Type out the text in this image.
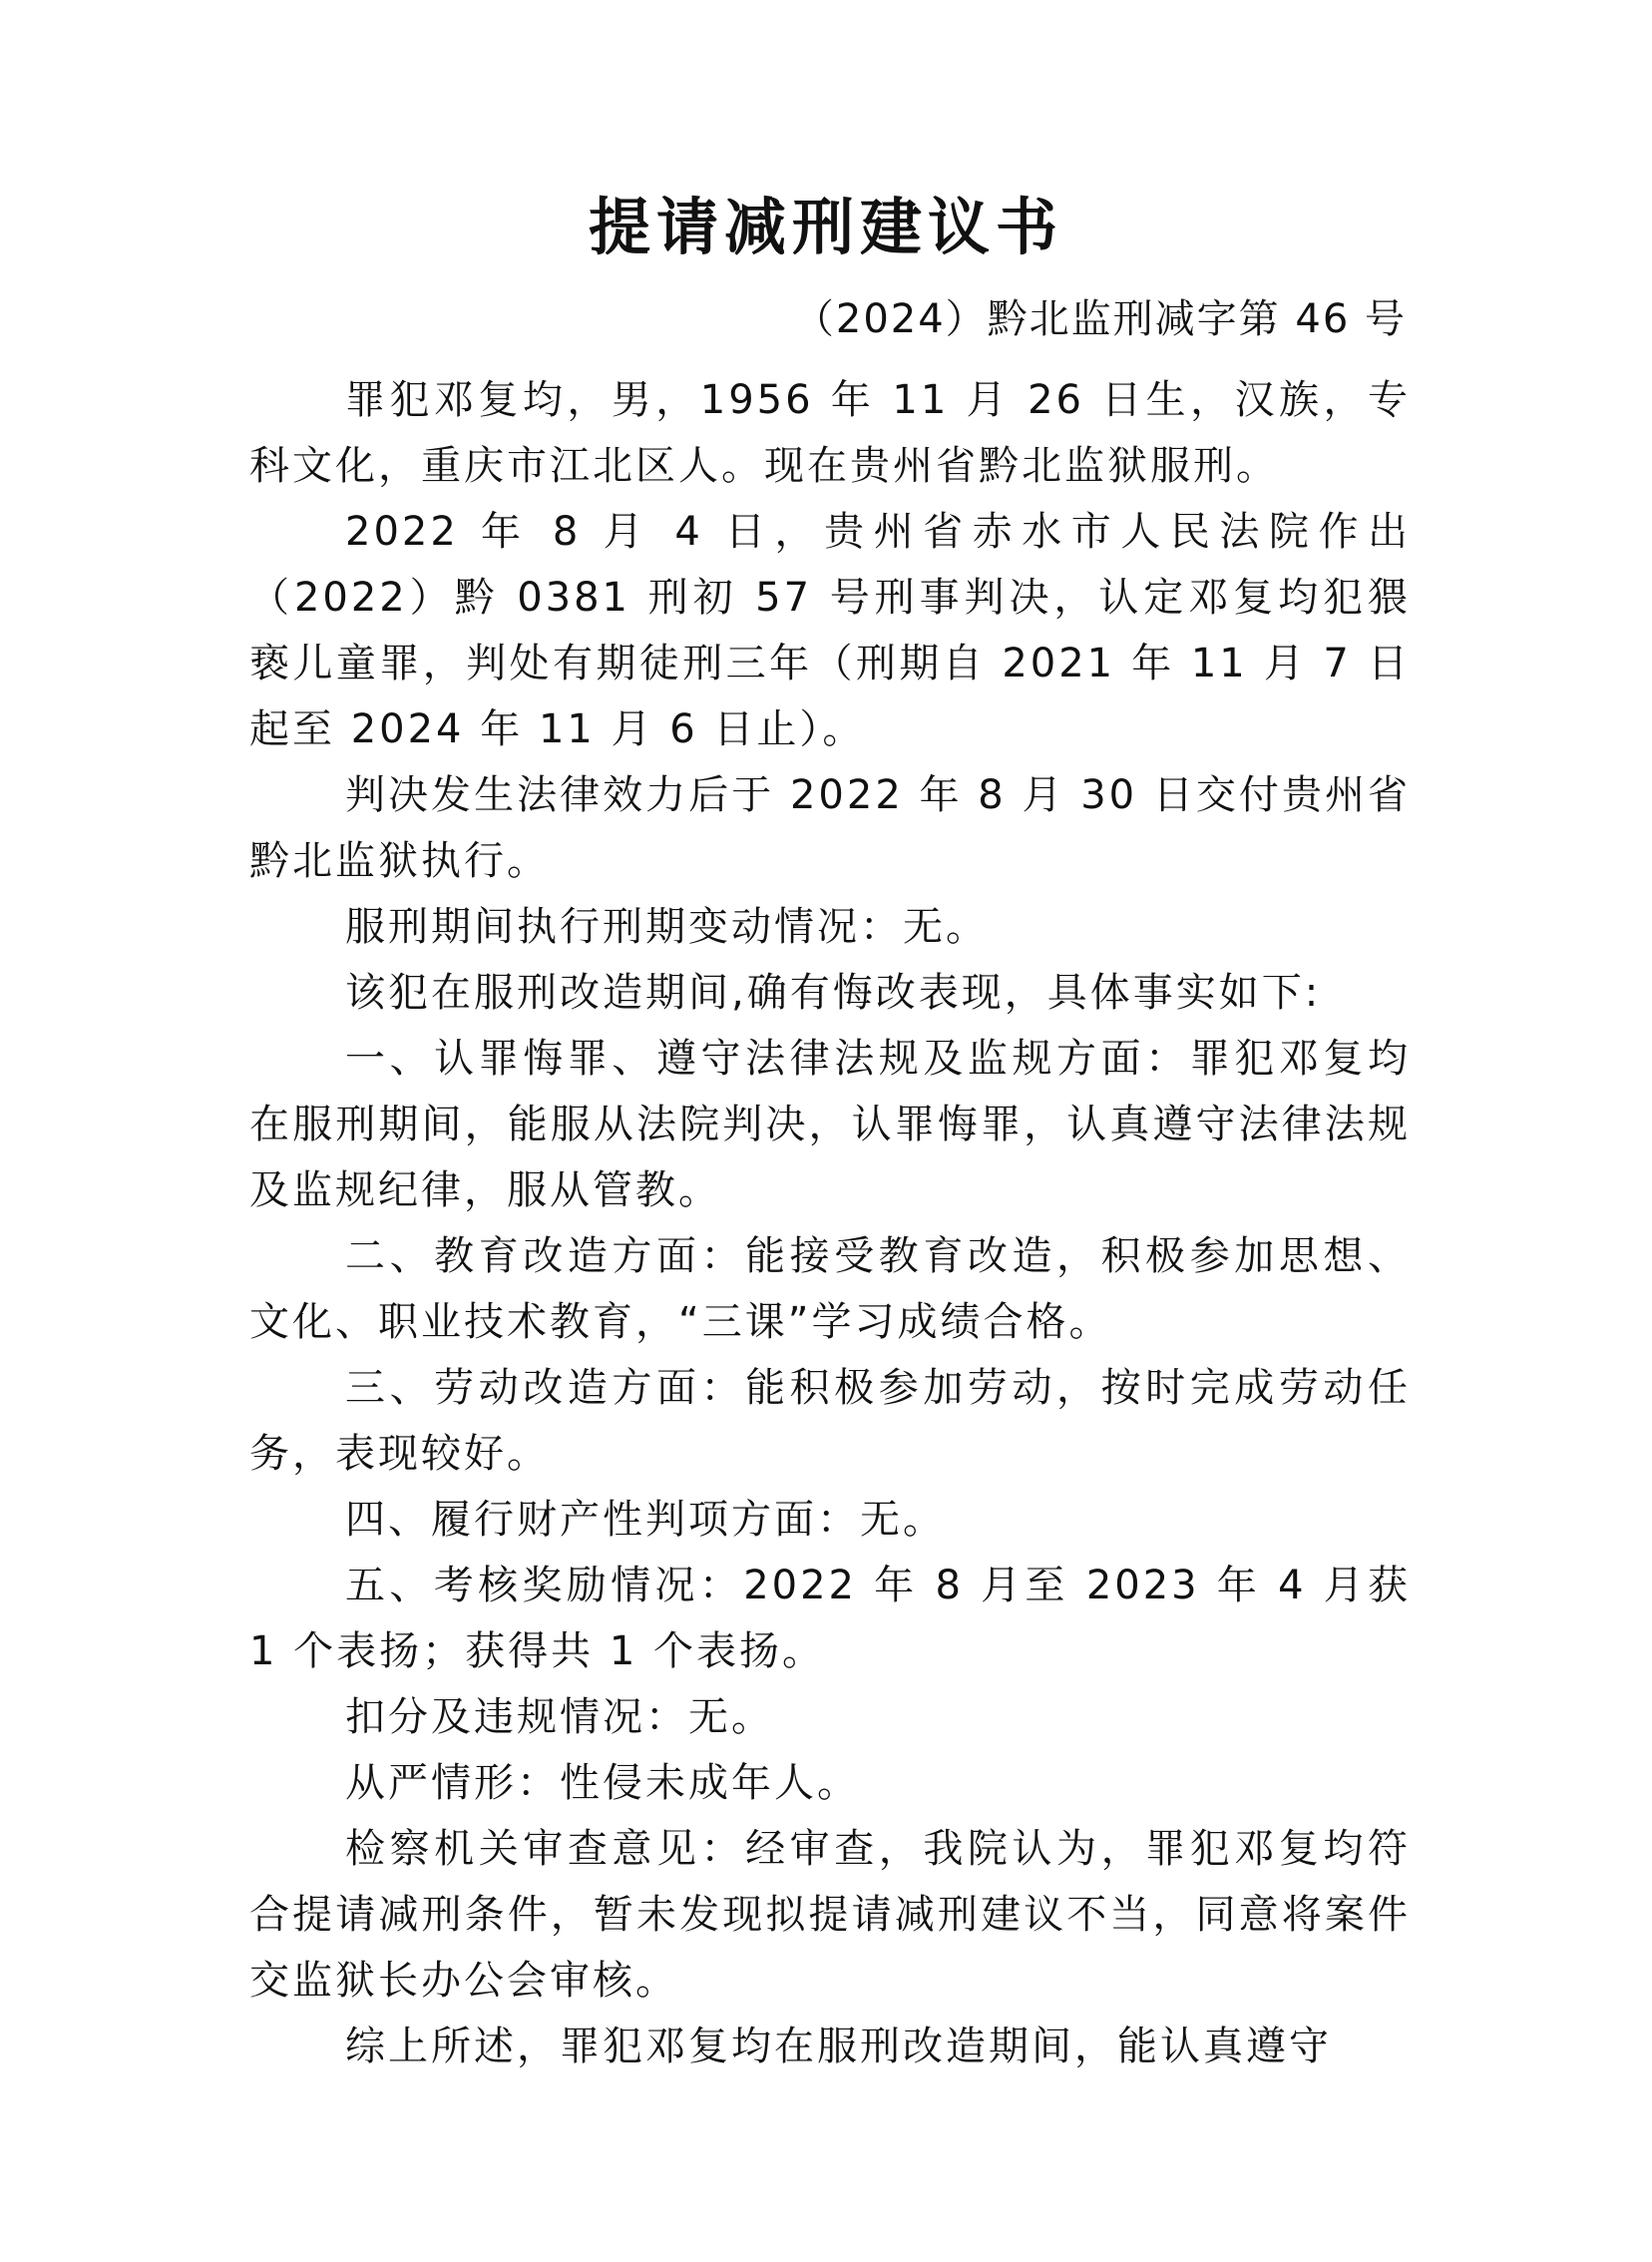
提请减刑建议书

（2024）黔北监刑减字第 46 号

罪犯邓复均，男，1956 年 11 月 26 日生，汉族，专科文化，重庆市江北区人。现在贵州省黔北监狱服刑。

2022 年 8 月 4 日，贵州省赤水市人民法院作出（2022）黔 0381 刑初 57 号刑事判决，认定邓复均犯猥亵儿童罪，判处有期徒刑三年（刑期自 2021 年 11 月 7 日起至 2024 年 11 月 6 日止）。

判决发生法律效力后于 2022 年 8 月 30 日交付贵州省黔北监狱执行。

服刑期间执行刑期变动情况：无。

该犯在服刑改造期间,确有悔改表现，具体事实如下:

一、认罪悔罪、遵守法律法规及监规方面：罪犯邓复均在服刑期间，能服从法院判决，认罪悔罪，认真遵守法律法规及监规纪律，服从管教。

二、教育改造方面：能接受教育改造，积极参加思想、文化、职业技术教育，“三课”学习成绩合格。

三、劳动改造方面：能积极参加劳动，按时完成劳动任务，表现较好。

四、履行财产性判项方面：无。

五、考核奖励情况：2022 年 8 月至 2023 年 4 月获 1 个表扬；获得共 1 个表扬。

扣分及违规情况：无。

从严情形：性侵未成年人。

检察机关审查意见：经审查，我院认为，罪犯邓复均符合提请减刑条件，暂未发现拟提请减刑建议不当，同意将案件交监狱长办公会审核。

综上所述，罪犯邓复均在服刑改造期间，能认真遵守
